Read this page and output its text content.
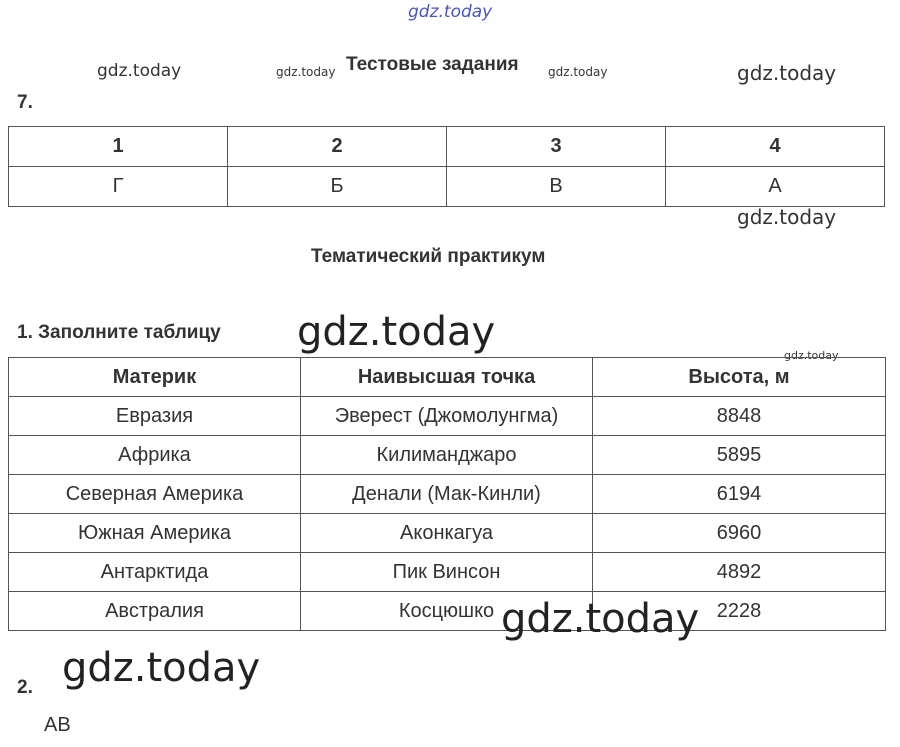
gdz.today
gdz.today	gdz.today	gdz.today	gdz.today
gdz.today
gdz.today
gdz.today
gdz.today
gdz.today
Тестовые задания
7.
1	2	3	4
Г	Б	В	А
Тематический практикум
1. Заполните таблицу
Материк	Наивысшая точка	Высота, м
Евразия	Эверест (Джомолунгма)	8848
Африка	Килиманджаро	5895
Северная Америка	Денали (Мак-Кинли)	6194
Южная Америка	Аконкагуа	6960
Антарктида	Пик Винсон	4892
Австралия	Косцюшко	2228
2.
АВ
